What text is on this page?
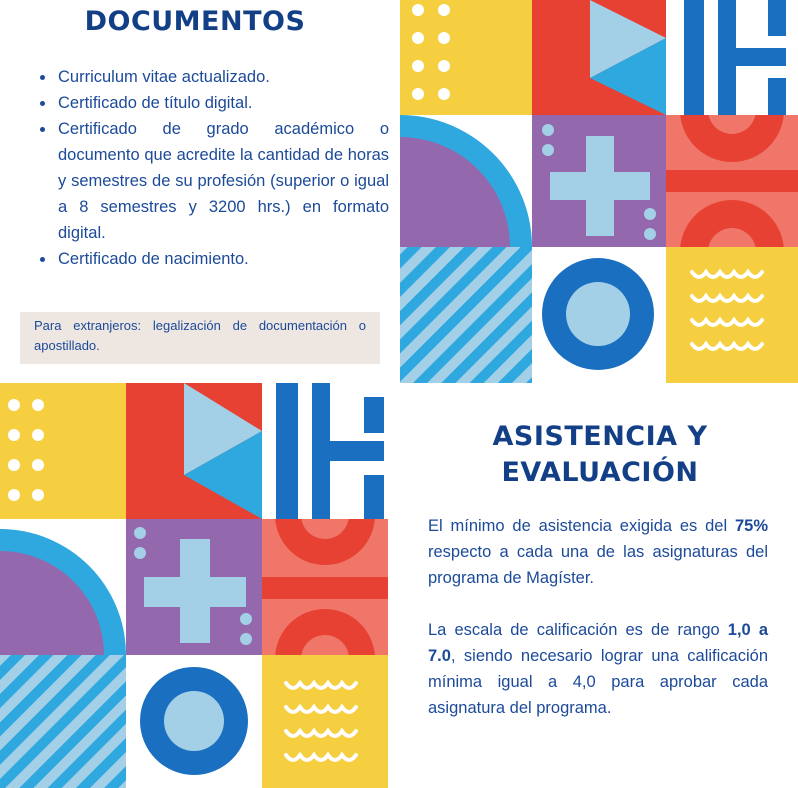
DOCUMENTOS
• Curriculum vitae actualizado.
• Certificado de título digital.
• Certificado de grado académico o documento que acredite la cantidad de horas y semestres de su profesión (superior o igual a 8 semestres y 3200 hrs.) en formato digital.
• Certificado de nacimiento.
Para extranjeros: legalización de documentación o apostillado.
ASISTENCIA Y
EVALUACIÓN

El mínimo de asistencia exigida es del 75% respecto a cada una de las asignaturas del programa de Magíster.

La escala de calificación es de rango 1,0 a 7.0, siendo necesario lograr una calificación mínima igual a 4,0 para aprobar cada asignatura del programa.
